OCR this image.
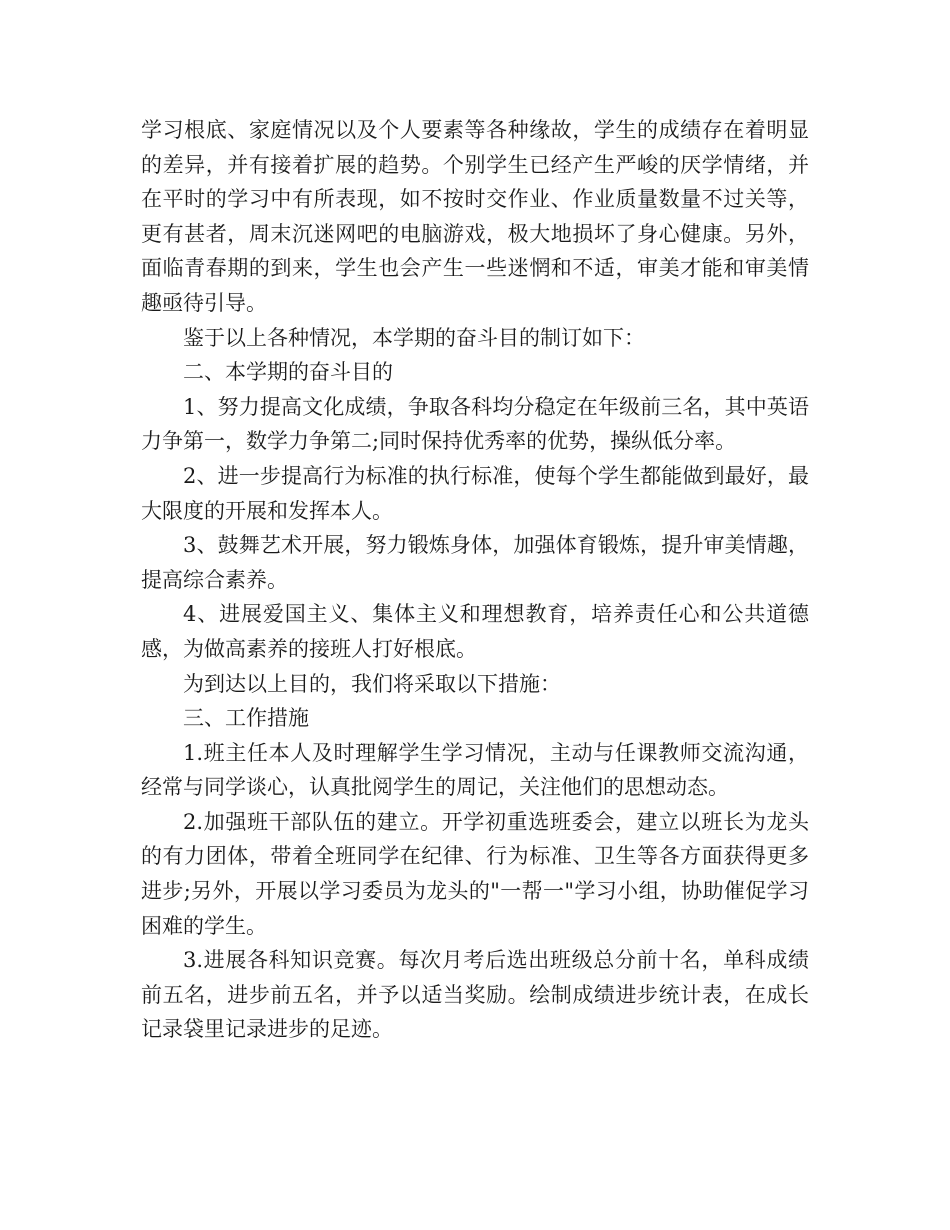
学习根底、家庭情况以及个人要素等各种缘故，学生的成绩存在着明显的差异，并有接着扩展的趋势。个别学生已经产生严峻的厌学情绪，并在平时的学习中有所表现，如不按时交作业、作业质量数量不过关等，更有甚者，周末沉迷网吧的电脑游戏，极大地损坏了身心健康。另外，面临青春期的到来，学生也会产生一些迷惘和不适，审美才能和审美情趣亟待引导。

鉴于以上各种情况，本学期的奋斗目的制订如下：

二、本学期的奋斗目的

1、努力提高文化成绩，争取各科均分稳定在年级前三名，其中英语力争第一，数学力争第二;同时保持优秀率的优势，操纵低分率。

2、进一步提高行为标准的执行标准，使每个学生都能做到最好，最大限度的开展和发挥本人。

3、鼓舞艺术开展，努力锻炼身体，加强体育锻炼，提升审美情趣，提高综合素养。

4、进展爱国主义、集体主义和理想教育，培养责任心和公共道德感，为做高素养的接班人打好根底。

为到达以上目的，我们将采取以下措施：

三、工作措施

1.班主任本人及时理解学生学习情况，主动与任课教师交流沟通，经常与同学谈心，认真批阅学生的周记，关注他们的思想动态。

2.加强班干部队伍的建立。开学初重选班委会，建立以班长为龙头的有力团体，带着全班同学在纪律、行为标准、卫生等各方面获得更多进步;另外，开展以学习委员为龙头的"一帮一"学习小组，协助催促学习困难的学生。

3.进展各科知识竞赛。每次月考后选出班级总分前十名，单科成绩前五名，进步前五名，并予以适当奖励。绘制成绩进步统计表，在成长记录袋里记录进步的足迹。
